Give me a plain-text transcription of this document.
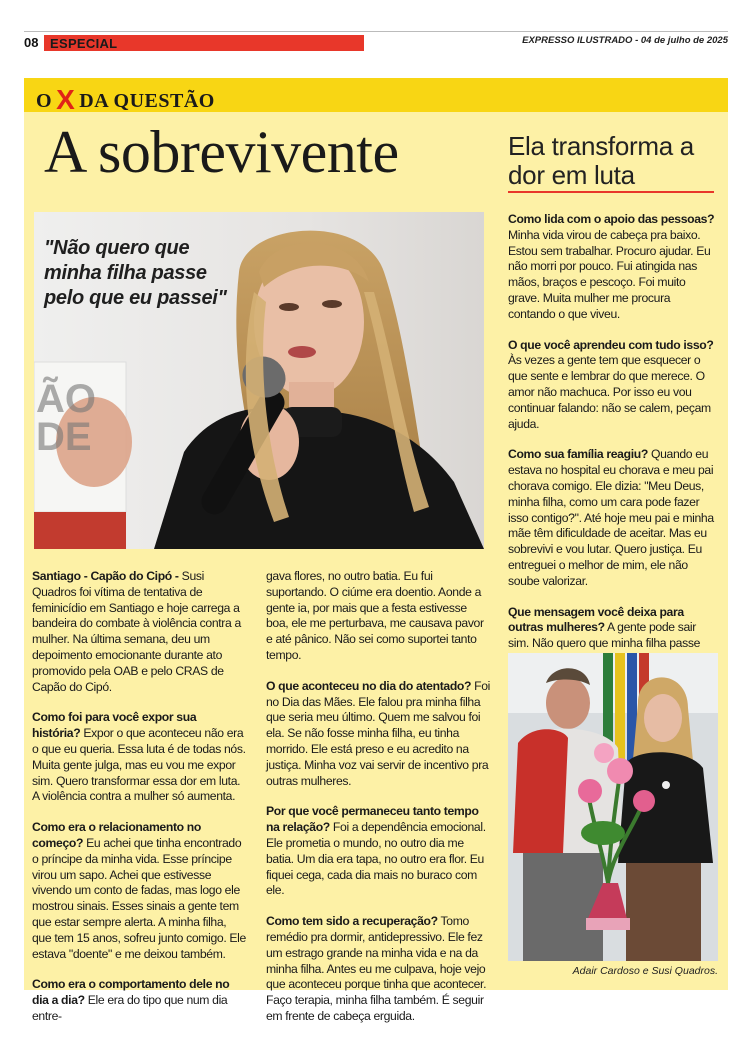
08 ESPECIAL	EXPRESSO ILUSTRADO - 04 de julho de 2025
O X DA QUESTÃO
A sobrevivente
"Não quero que minha filha passe pelo que eu passei"
ÃO
DE
Ela transforma a dor em luta

Santiago - Capão do Cipó - Susi Quadros foi vítima de tentativa de feminicídio em Santiago e hoje carrega a bandeira do combate à violência contra a mulher. Na última semana, deu um depoimento emocionante durante ato promovido pela OAB e pelo CRAS de Capão do Cipó.

Como foi para você expor sua história? Expor o que aconteceu não era o que eu queria. Essa luta é de todas nós. Muita gente julga, mas eu vou me expor sim. Quero transformar essa dor em luta. A violência contra a mulher só aumenta.

Como era o relacionamento no começo? Eu achei que tinha encontrado o príncipe da minha vida. Esse príncipe virou um sapo. Achei que estivesse vivendo um conto de fadas, mas logo ele mostrou sinais. Esses sinais a gente tem que estar sempre alerta. A minha filha, que tem 15 anos, sofreu junto comigo. Ele estava "doente" e me deixou também.

Como era o comportamento dele no dia a dia? Ele era do tipo que num dia entre-

gava flores, no outro batia. Eu fui suportando. O ciúme era doentio. Aonde a gente ia, por mais que a festa estivesse boa, ele me perturbava, me causava pavor e até pânico. Não sei como suportei tanto tempo.

O que aconteceu no dia do atentado? Foi no Dia das Mães. Ele falou pra minha filha que seria meu último. Quem me salvou foi ela. Se não fosse minha filha, eu tinha morrido. Ele está preso e eu acredito na justiça. Minha voz vai servir de incentivo pra outras mulheres.

Por que você permaneceu tanto tempo na relação? Foi a dependência emocional. Ele prometia o mundo, no outro dia me batia. Um dia era tapa, no outro era flor. Eu fiquei cega, cada dia mais no buraco com ele.

Como tem sido a recuperação? Tomo remédio pra dormir, antidepressivo. Ele fez um estrago grande na minha vida e na da minha filha. Antes eu me culpava, hoje vejo que aconteceu porque tinha que acontecer. Faço terapia, minha filha também. É seguir em frente de cabeça erguida.

Como lida com o apoio das pessoas? Minha vida virou de cabeça pra baixo. Estou sem trabalhar. Procuro ajudar. Eu não morri por pouco. Fui atingida nas mãos, braços e pescoço. Foi muito grave. Muita mulher me procura contando o que viveu.

O que você aprendeu com tudo isso? Às vezes a gente tem que esquecer o que sente e lembrar do que merece. O amor não machuca. Por isso eu vou continuar falando: não se calem, peçam ajuda.

Como sua família reagiu? Quando eu estava no hospital eu chorava e meu pai chorava comigo. Ele dizia: "Meu Deus, minha filha, como um cara pode fazer isso contigo?". Até hoje meu pai e minha mãe têm dificuldade de aceitar. Mas eu sobrevivi e vou lutar. Quero justiça. Eu entreguei o melhor de mim, ele não soube valorizar.

Que mensagem você deixa para outras mulheres? A gente pode sair sim. Não quero que minha filha passe

Adair Cardoso e Susi Quadros.
